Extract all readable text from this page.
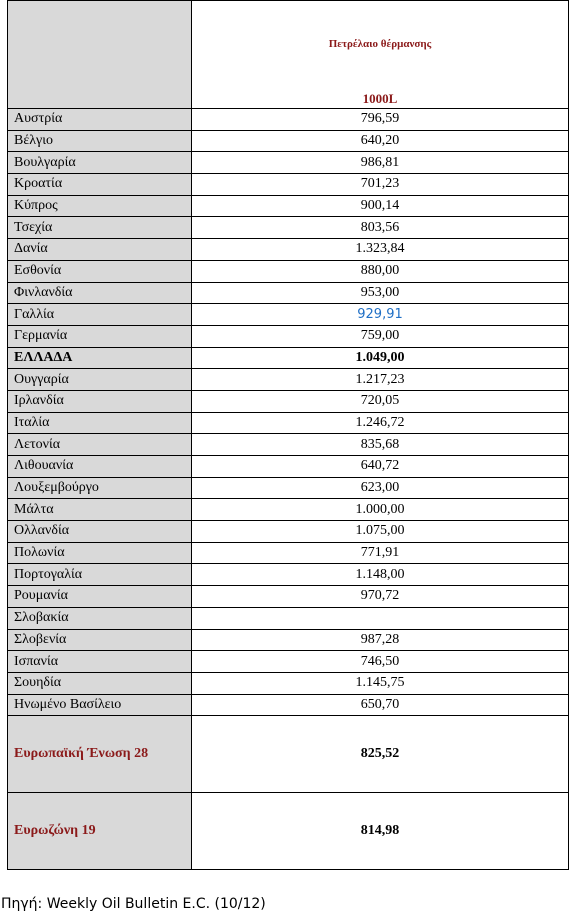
	Πετρέλαιο θέρμανσης
1000L

Αυστρία	796,59
Βέλγιο	640,20
Βουλγαρία	986,81
Κροατία	701,23
Κύπρος	900,14
Τσεχία	803,56
Δανία	1.323,84
Εσθονία	880,00
Φινλανδία	953,00
Γαλλία	929,91
Γερμανία	759,00
ΕΛΛΑΔΑ	1.049,00
Ουγγαρία	1.217,23
Ιρλανδία	720,05
Ιταλία	1.246,72
Λετονία	835,68
Λιθουανία	640,72
Λουξεμβούργο	623,00
Μάλτα	1.000,00
Ολλανδία	1.075,00
Πολωνία	771,91
Πορτογαλία	1.148,00
Ρουμανία	970,72
Σλοβακία	
Σλοβενία	987,28
Ισπανία	746,50
Σουηδία	1.145,75
Ηνωμένο Βασίλειο	650,70
Ευρωπαϊκή Ένωση 28	825,52
Ευρωζώνη 19	814,98
Πηγή: Weekly Oil Bulletin E.C. (10/12)
